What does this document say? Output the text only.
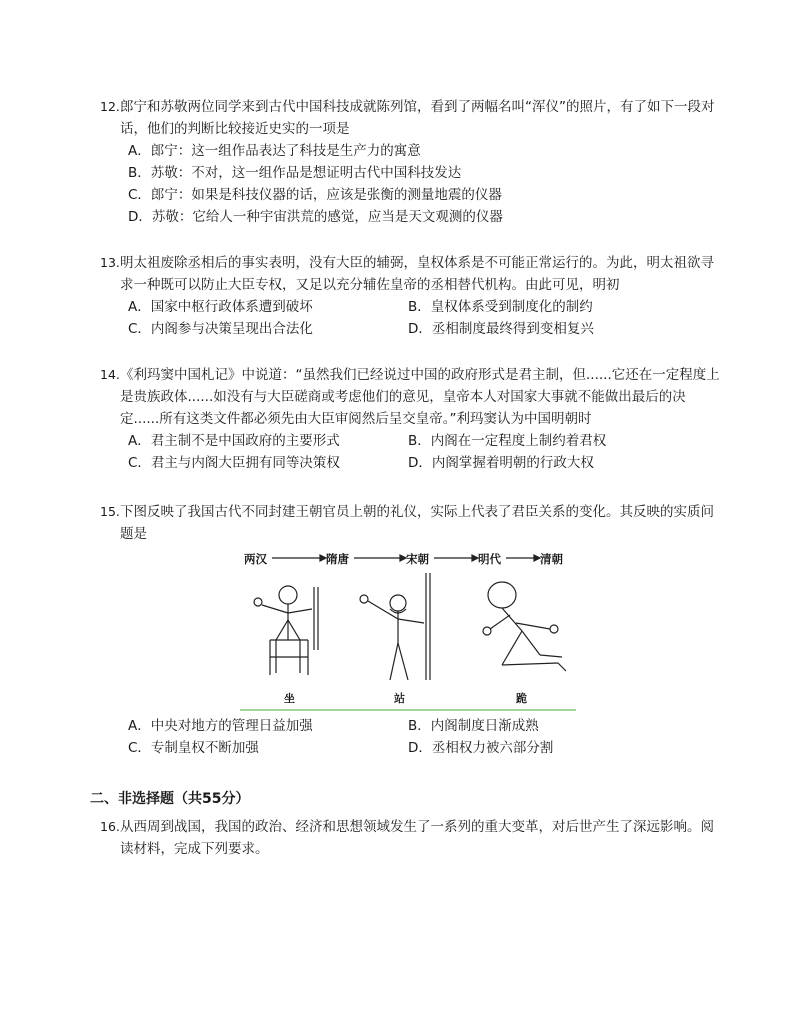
12.郎宁和苏敬两位同学来到古代中国科技成就陈列馆，看到了两幅名叫“浑仪”的照片，有了如下一段对话，他们的判断比较接近史实的一项是

A．郎宁：这一组作品表达了科技是生产力的寓意
B．苏敬：不对，这一组作品是想证明古代中国科技发达
C．郎宁：如果是科技仪器的话，应该是张衡的测量地震的仪器
D．苏敬：它给人一种宇宙洪荒的感觉，应当是天文观测的仪器

13.明太祖废除丞相后的事实表明，没有大臣的辅弼，皇权体系是不可能正常运行的。为此，明太祖欲寻求一种既可以防止大臣专权，又足以充分辅佐皇帝的丞相替代机构。由此可见，明初

A．国家中枢行政体系遭到破坏	B．皇权体系受到制度化的制约
C．内阁参与决策呈现出合法化	D．丞相制度最终得到变相复兴

14.《利玛窦中国札记》中说道：“虽然我们已经说过中国的政府形式是君主制，但......它还在一定程度上是贵族政体......如没有与大臣磋商或考虑他们的意见，皇帝本人对国家大事就不能做出最后的决定......所有这类文件都必须先由大臣审阅然后呈交皇帝。”利玛窦认为中国明朝时

A．君主制不是中国政府的主要形式	B．内阁在一定程度上制约着君权
C．君主与内阁大臣拥有同等决策权	D．内阁掌握着明朝的行政大权

15.下图反映了我国古代不同封建王朝官员上朝的礼仪，实际上代表了君臣关系的变化。其反映的实质问题是

两汉	隋唐	宋朝	明代	清朝
坐	站	跪
A．中央对地方的管理日益加强	B．内阁制度日渐成熟
C．专制皇权不断加强	D．丞相权力被六部分割
二、非选择题（共55分）

16.从西周到战国，我国的政治、经济和思想领域发生了一系列的重大变革，对后世产生了深远影响。阅读材料，完成下列要求。
